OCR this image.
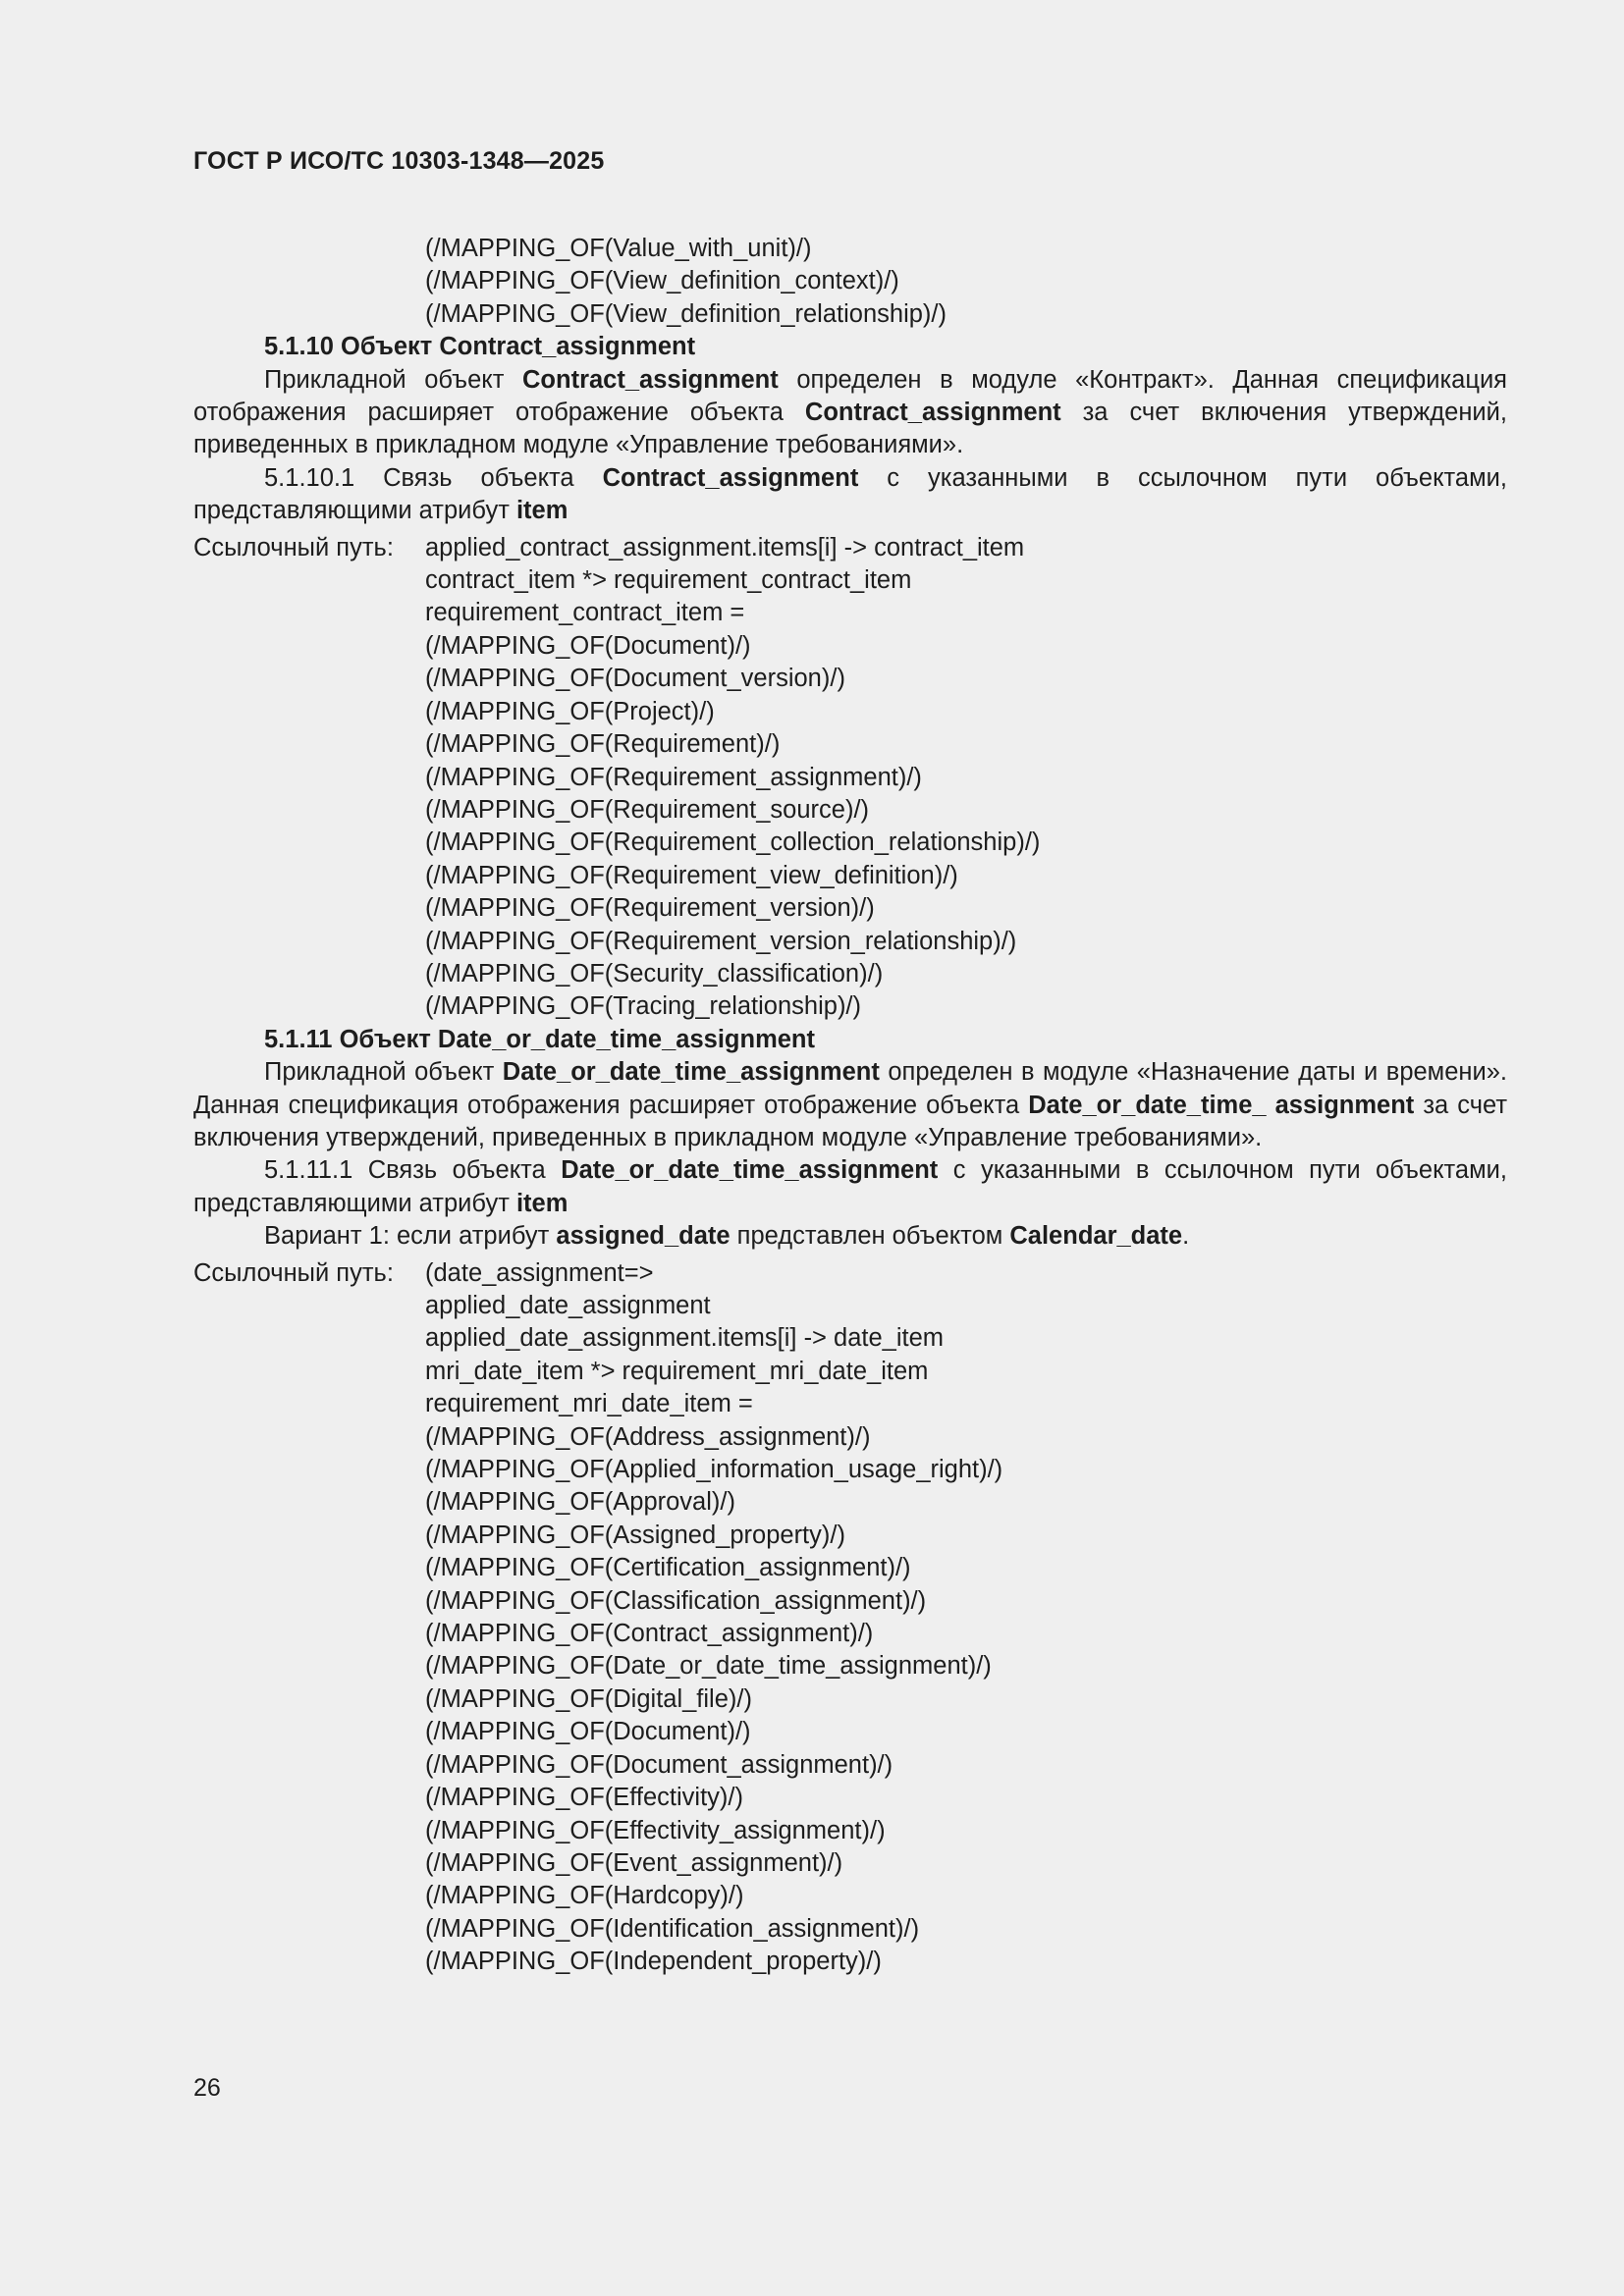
ГОСТ Р ИСО/ТС 10303-1348—2025
(/MAPPING_OF(Value_with_unit)/)
(/MAPPING_OF(View_definition_context)/)
(/MAPPING_OF(View_definition_relationship)/)
5.1.10 Объект Contract_assignment

Прикладной объект Contract_assignment определен в модуле «Контракт». Данная спецификация отображения расширяет отображение объекта Contract_assignment за счет включения утверждений, приведенных в прикладном модуле «Управление требованиями».

5.1.10.1 Связь объекта Contract_assignment с указанными в ссылочном пути объектами, представляющими атрибут item

Ссылочный путь:	applied_contract_assignment.items[i] -> contract_item
contract_item *> requirement_contract_item
requirement_contract_item =
(/MAPPING_OF(Document)/)
(/MAPPING_OF(Document_version)/)
(/MAPPING_OF(Project)/)
(/MAPPING_OF(Requirement)/)
(/MAPPING_OF(Requirement_assignment)/)
(/MAPPING_OF(Requirement_source)/)
(/MAPPING_OF(Requirement_collection_relationship)/)
(/MAPPING_OF(Requirement_view_definition)/)
(/MAPPING_OF(Requirement_version)/)
(/MAPPING_OF(Requirement_version_relationship)/)
(/MAPPING_OF(Security_classification)/)
(/MAPPING_OF(Tracing_relationship)/)
5.1.11 Объект Date_or_date_time_assignment

Прикладной объект Date_or_date_time_assignment определен в модуле «Назначение даты и времени». Данная спецификация отображения расширяет отображение объекта Date_or_date_time_ assignment за счет включения утверждений, приведенных в прикладном модуле «Управление требованиями».

5.1.11.1 Связь объекта Date_or_date_time_assignment с указанными в ссылочном пути объектами, представляющими атрибут item

Вариант 1: если атрибут assigned_date представлен объектом Calendar_date.
Ссылочный путь:	(date_assignment=>
applied_date_assignment
applied_date_assignment.items[i] -> date_item
mri_date_item *> requirement_mri_date_item
requirement_mri_date_item =
(/MAPPING_OF(Address_assignment)/)
(/MAPPING_OF(Applied_information_usage_right)/)
(/MAPPING_OF(Approval)/)
(/MAPPING_OF(Assigned_property)/)
(/MAPPING_OF(Certification_assignment)/)
(/MAPPING_OF(Classification_assignment)/)
(/MAPPING_OF(Contract_assignment)/)
(/MAPPING_OF(Date_or_date_time_assignment)/)
(/MAPPING_OF(Digital_file)/)
(/MAPPING_OF(Document)/)
(/MAPPING_OF(Document_assignment)/)
(/MAPPING_OF(Effectivity)/)
(/MAPPING_OF(Effectivity_assignment)/)
(/MAPPING_OF(Event_assignment)/)
(/MAPPING_OF(Hardcopy)/)
(/MAPPING_OF(Identification_assignment)/)
(/MAPPING_OF(Independent_property)/)
26
